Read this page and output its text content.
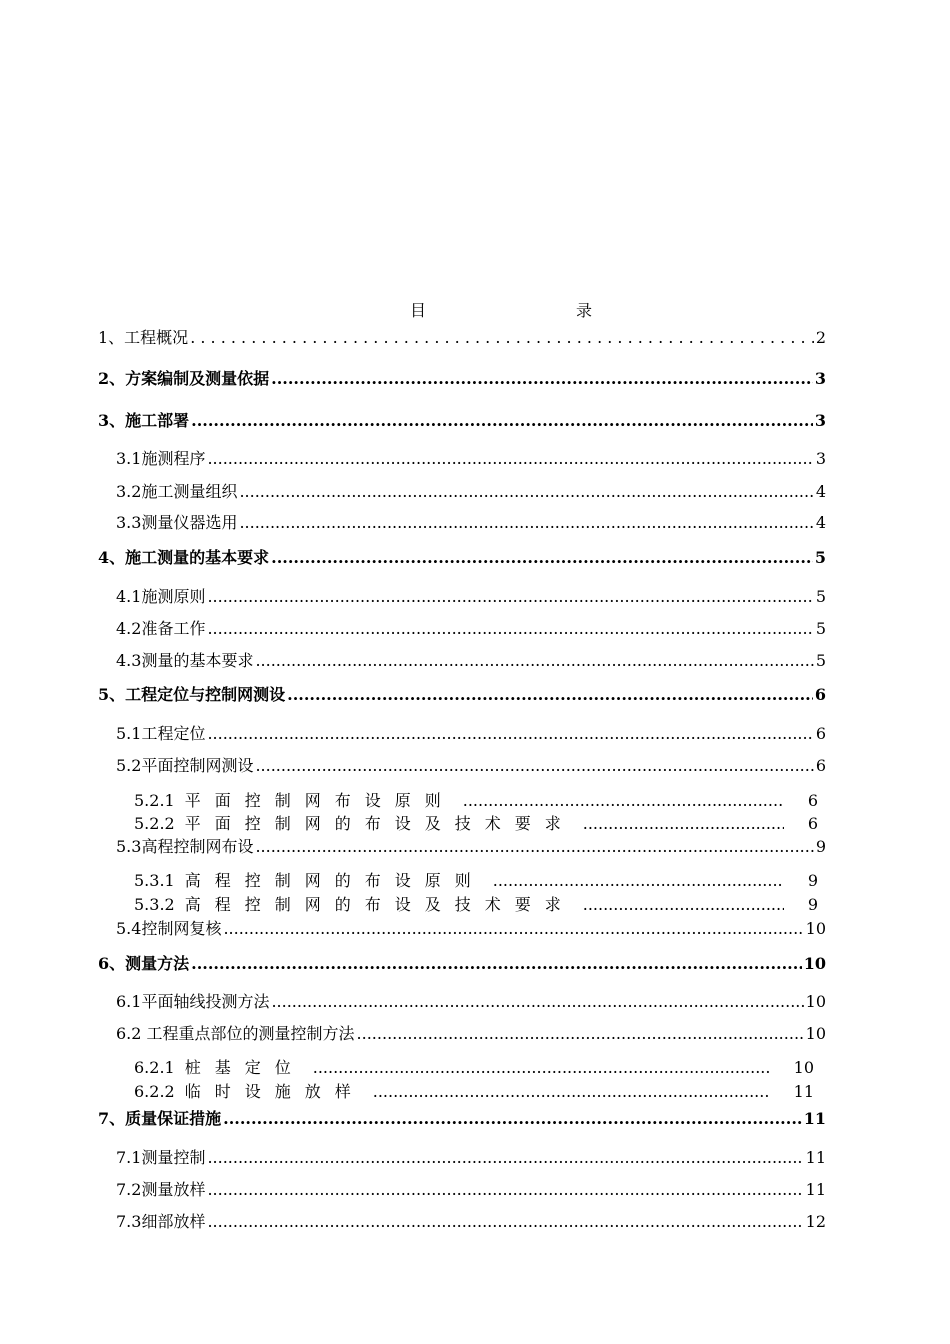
目	录
1、工程概况 . . .	2
2、方案编制及测量依据 .....	3
3、施工部署 .....	3
3.1施测程序 .....	3
3.2施工测量组织 .....	4
3.3测量仪器选用 .....	4
4、施工测量的基本要求 .....	5
4.1施测原则 .....	5
4.2准备工作 .....	5
4.3测量的基本要求 .....	5
5、工程定位与控制网测设 .....	6
5.1工程定位 .....	6
5.2平面控制网测设 .....	6
5.2.1 平面控制网布设原则 .....	6
5.2.2 平面控制网的布设及技术要求 .....	6
5.3高程控制网布设 .....	9
5.3.1 高程控制网的布设原则 .....	9
5.3.2 高程控制网的布设及技术要求 .....	9
5.4控制网复核 .....	10
6、测量方法 .....	10
6.1平面轴线投测方法 .....	10
6.2 工程重点部位的测量控制方法 .....	10
6.2.1 桩基定位 .....	10
6.2.2 临时设施放样 .....	11
7、质量保证措施 .....	11
7.1测量控制 .....	11
7.2测量放样 .....	11
7.3细部放样 .....	12
